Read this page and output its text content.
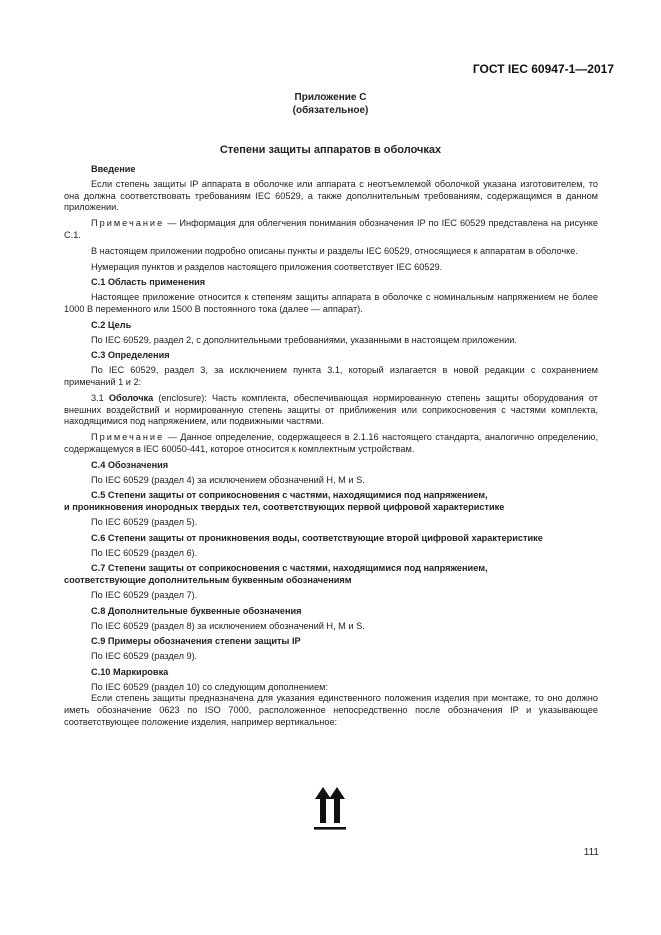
ГОСТ IEC 60947-1—2017
Приложение С
(обязательное)
Степени защиты аппаратов в оболочках

Введение

Если степень защиты IP аппарата в оболочке или аппарата с неотъемлемой оболочкой указана изготовителем, то она должна соответствовать требованиям IEC 60529, а также дополнительным требованиям, содержащимся в данном приложении.

Примечание — Информация для облегчения понимания обозначения IP по IEC 60529 представлена на рисунке С.1.

В настоящем приложении подробно описаны пункты и разделы IEC 60529, относящиеся к аппаратам в оболочке.

Нумерация пунктов и разделов настоящего приложения соответствует IEC 60529.

С.1 Область применения

Настоящее приложение относится к степеням защиты аппарата в оболочке с номинальным напряжением не более 1000 В переменного или 1500 В постоянного тока (далее — аппарат).

С.2 Цель

По IEC 60529, раздел 2, с дополнительными требованиями, указанными в настоящем приложении.

С.3 Определения

По IEC 60529, раздел 3, за исключением пункта 3.1, который излагается в новой редакции с сохранением примечаний 1 и 2:

3.1 Оболочка (enclosure): Часть комплекта, обеспечивающая нормированную степень защиты оборудования от внешних воздействий и нормированную степень защиты от приближения или соприкосновения с частями комплекта, находящимися под напряжением, или подвижными частями.

Примечание — Данное определение, содержащееся в 2.1.16 настоящего стандарта, аналогично определению, содержащемуся в IEC 60050-441, которое относится к комплектным устройствам.

С.4 Обозначения

По IEC 60529 (раздел 4) за исключением обозначений H, M и S.

С.5 Степени защиты от соприкосновения с частями, находящимися под напряжением,

и проникновения инородных твердых тел, соответствующих первой цифровой характеристике

По IEC 60529 (раздел 5).

С.6 Степени защиты от проникновения воды, соответствующие второй цифровой характеристике

По IEC 60529 (раздел 6).

С.7 Степени защиты от соприкосновения с частями, находящимися под напряжением,

соответствующие дополнительным буквенным обозначениям

По IEC 60529 (раздел 7).

С.8 Дополнительные буквенные обозначения

По IEC 60529 (раздел 8) за исключением обозначений H, M и S.

С.9 Примеры обозначения степени защиты IP

По IEC 60529 (раздел 9).

С.10 Маркировка

По IEC 60529 (раздел 10) со следующим дополнением:

Если степень защиты предназначена для указания единственного положения изделия при монтаже, то оно должно иметь обозначение 0623 по ISO 7000, расположенное непосредственно после обозначения IP и указывающее соответствующее положение изделия, например вертикальное:

111
